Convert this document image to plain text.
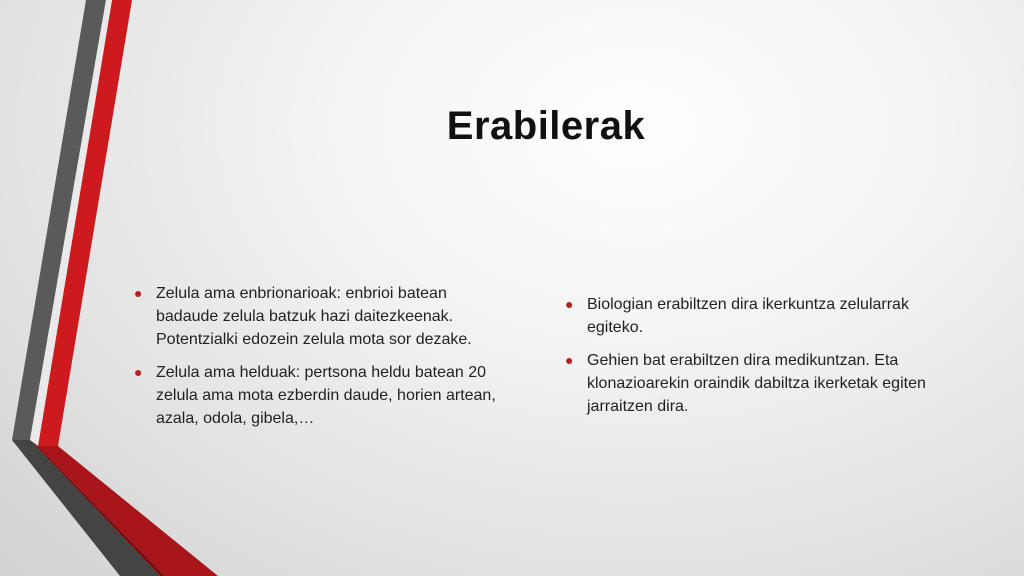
Erabilerak
● Zelula ama enbrionarioak: enbrioi batean badaude zelula batzuk hazi daitezkeenak. Potentzialki edozein zelula mota sor dezake.
● Zelula ama helduak: pertsona heldu batean 20 zelula ama mota ezberdin daude, horien artean, azala, odola, gibela,…
● Biologian erabiltzen dira ikerkuntza zelularrak egiteko.
● Gehien bat erabiltzen dira medikuntzan. Eta klonazioarekin oraindik dabiltza ikerketak egiten jarraitzen dira.
